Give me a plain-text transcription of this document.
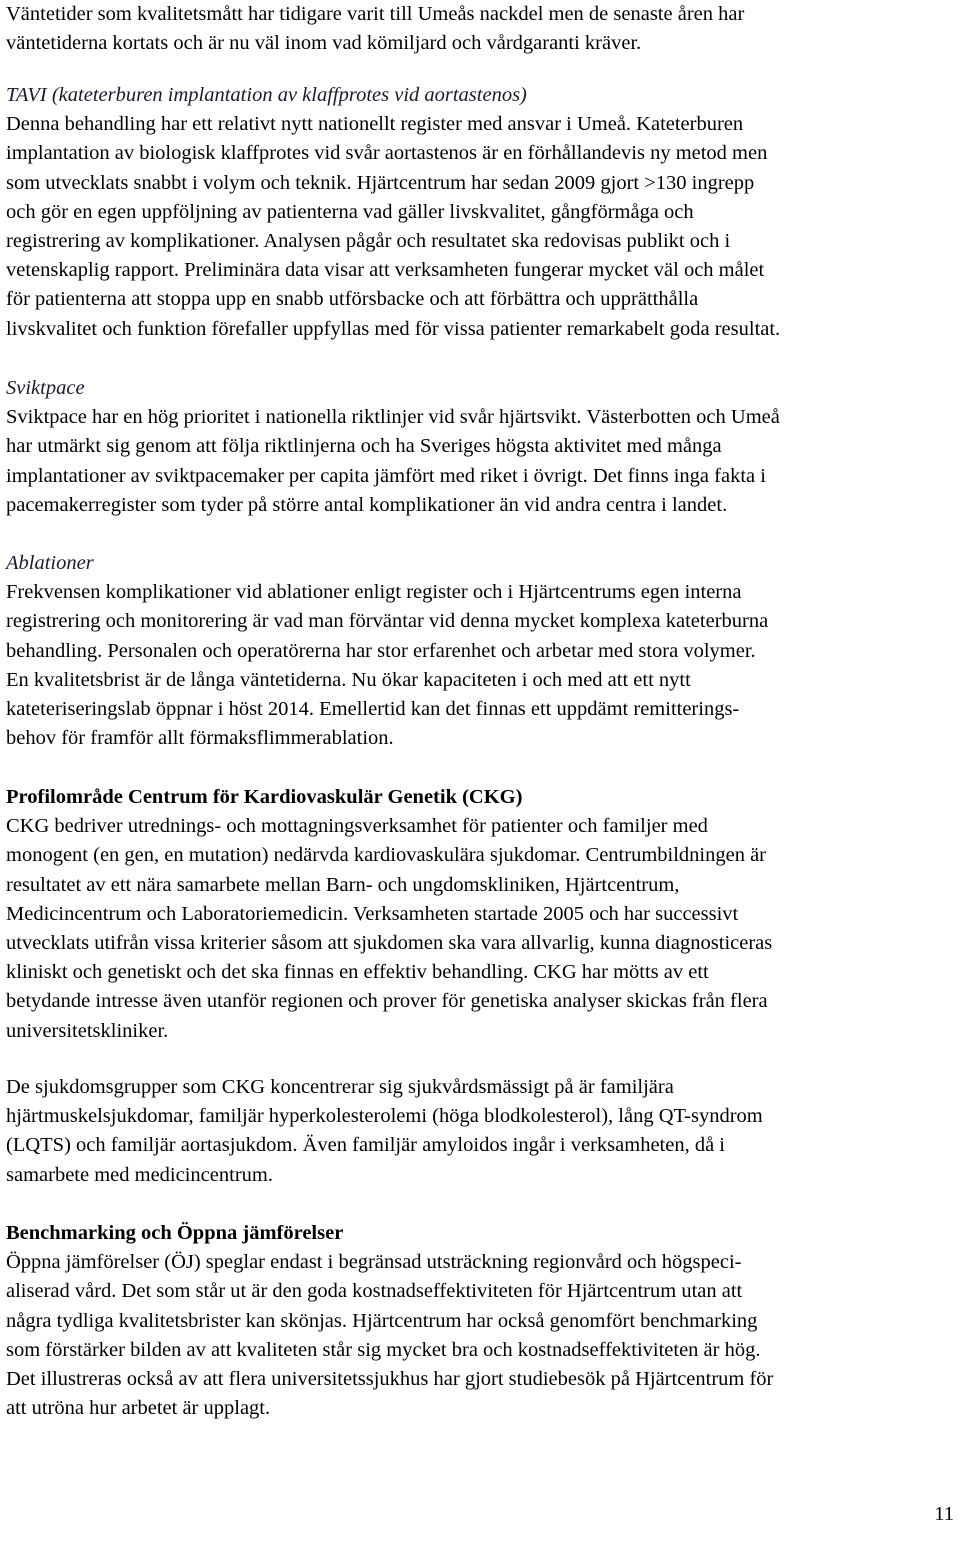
Väntetider som kvalitetsmått har tidigare varit till Umeås nackdel men de senaste åren har
väntetiderna kortats och är nu väl inom vad kömiljard och vårdgaranti kräver.
TAVI (kateterburen implantation av klaffprotes vid aortastenos)
Denna behandling har ett relativt nytt nationellt register med ansvar i Umeå. Kateterburen
implantation av biologisk klaffprotes vid svår aortastenos är en förhållandevis ny metod men
som utvecklats snabbt i volym och teknik. Hjärtcentrum har sedan 2009 gjort >130 ingrepp
och gör en egen uppföljning av patienterna vad gäller livskvalitet, gångförmåga och
registrering av komplikationer. Analysen pågår och resultatet ska redovisas publikt och i
vetenskaplig rapport. Preliminära data visar att verksamheten fungerar mycket väl och målet
för patienterna att stoppa upp en snabb utförsbacke och att förbättra och upprätthålla
livskvalitet och funktion förefaller uppfyllas med för vissa patienter remarkabelt goda resultat.
Sviktpace
Sviktpace har en hög prioritet i nationella riktlinjer vid svår hjärtsvikt. Västerbotten och Umeå
har utmärkt sig genom att följa riktlinjerna och ha Sveriges högsta aktivitet med många
implantationer av sviktpacemaker per capita jämfört med riket i övrigt. Det finns inga fakta i
pacemakerregister som tyder på större antal komplikationer än vid andra centra i landet.
Ablationer
Frekvensen komplikationer vid ablationer enligt register och i Hjärtcentrums egen interna
registrering och monitorering är vad man förväntar vid denna mycket komplexa kateterburna
behandling. Personalen och operatörerna har stor erfarenhet och arbetar med stora volymer.
En kvalitetsbrist är de långa väntetiderna. Nu ökar kapaciteten i och med att ett nytt
kateteriseringslab öppnar i höst 2014. Emellertid kan det finnas ett uppdämt remitterings-
behov för framför allt förmaksflimmerablation.
Profilområde Centrum för Kardiovaskulär Genetik (CKG)
CKG bedriver utrednings- och mottagningsverksamhet för patienter och familjer med
monogent (en gen, en mutation) nedärvda kardiovaskulära sjukdomar. Centrumbildningen är
resultatet av ett nära samarbete mellan Barn- och ungdomskliniken, Hjärtcentrum,
Medicincentrum och Laboratoriemedicin. Verksamheten startade 2005 och har successivt
utvecklats utifrån vissa kriterier såsom att sjukdomen ska vara allvarlig, kunna diagnosticeras
kliniskt och genetiskt och det ska finnas en effektiv behandling. CKG har mötts av ett
betydande intresse även utanför regionen och prover för genetiska analyser skickas från flera
universitetskliniker.
De sjukdomsgrupper som CKG koncentrerar sig sjukvårdsmässigt på är familjära
hjärtmuskelsjukdomar, familjär hyperkolesterolemi (höga blodkolesterol), lång QT-syndrom
(LQTS) och familjär aortasjukdom. Även familjär amyloidos ingår i verksamheten, då i
samarbete med medicincentrum.
Benchmarking och Öppna jämförelser
Öppna jämförelser (ÖJ) speglar endast i begränsad utsträckning regionvård och högspeci-
aliserad vård. Det som står ut är den goda kostnadseffektiviteten för Hjärtcentrum utan att
några tydliga kvalitetsbrister kan skönjas. Hjärtcentrum har också genomfört benchmarking
som förstärker bilden av att kvaliteten står sig mycket bra och kostnadseffektiviteten är hög.
Det illustreras också av att flera universitetssjukhus har gjort studiebesök på Hjärtcentrum för
att utröna hur arbetet är upplagt.
11
